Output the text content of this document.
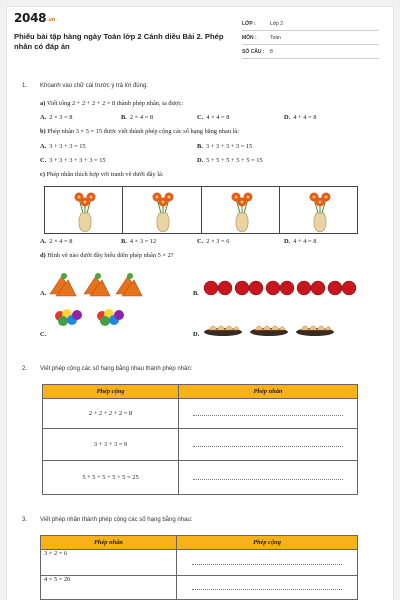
2048.vn
Phiếu bài tập hàng ngày Toán lớp 2 Cánh diều Bài 2. Phép nhân có đáp án
LỚP :	Lớp 2
MÔN :	Toán
SỐ CÂU : 8
1. Khoanh vào chữ cái trước ý trả lời đúng.
a) Viết tổng 2 + 2 + 2 + 2 = 8 thành phép nhân, ta được:
A. 2 × 3 = 8	B. 2 × 4 = 8	C. 4 × 4 = 8	D. 4 + 4 = 8
b) Phép nhân 3 × 5 = 15 được viết thành phép cộng các số hạng bằng nhau là:
A. 3 + 3 + 3 = 15	B. 3 + 3 + 3 + 3 = 15
C. 3 + 3 + 3 + 3 + 3 = 15	D. 5 + 5 + 5 + 5 + 5 = 15
c) Phép nhân thích hợp với tranh vẽ dưới đây là:
A. 2 × 4 = 8	B. 4 × 3 = 12	C. 2 × 3 = 6	D. 4 + 4 = 8
d) Hình vẽ nào dưới đây biểu diễn phép nhân 5 × 2?
A.	B.
C.	D.
2. Viết phép cộng các số hạng bằng nhau thành phép nhân:
Phép cộng	Phép nhân
2 + 2 + 2 + 2 = 8	
3 + 3 + 3 = 9	
5 + 5 + 5 + 5 + 5 = 25	
3. Viết phép nhân thành phép cộng các số hạng bằng nhau:
Phép nhân	Phép cộng
3 × 2 = 6	
4 × 5 = 20	
